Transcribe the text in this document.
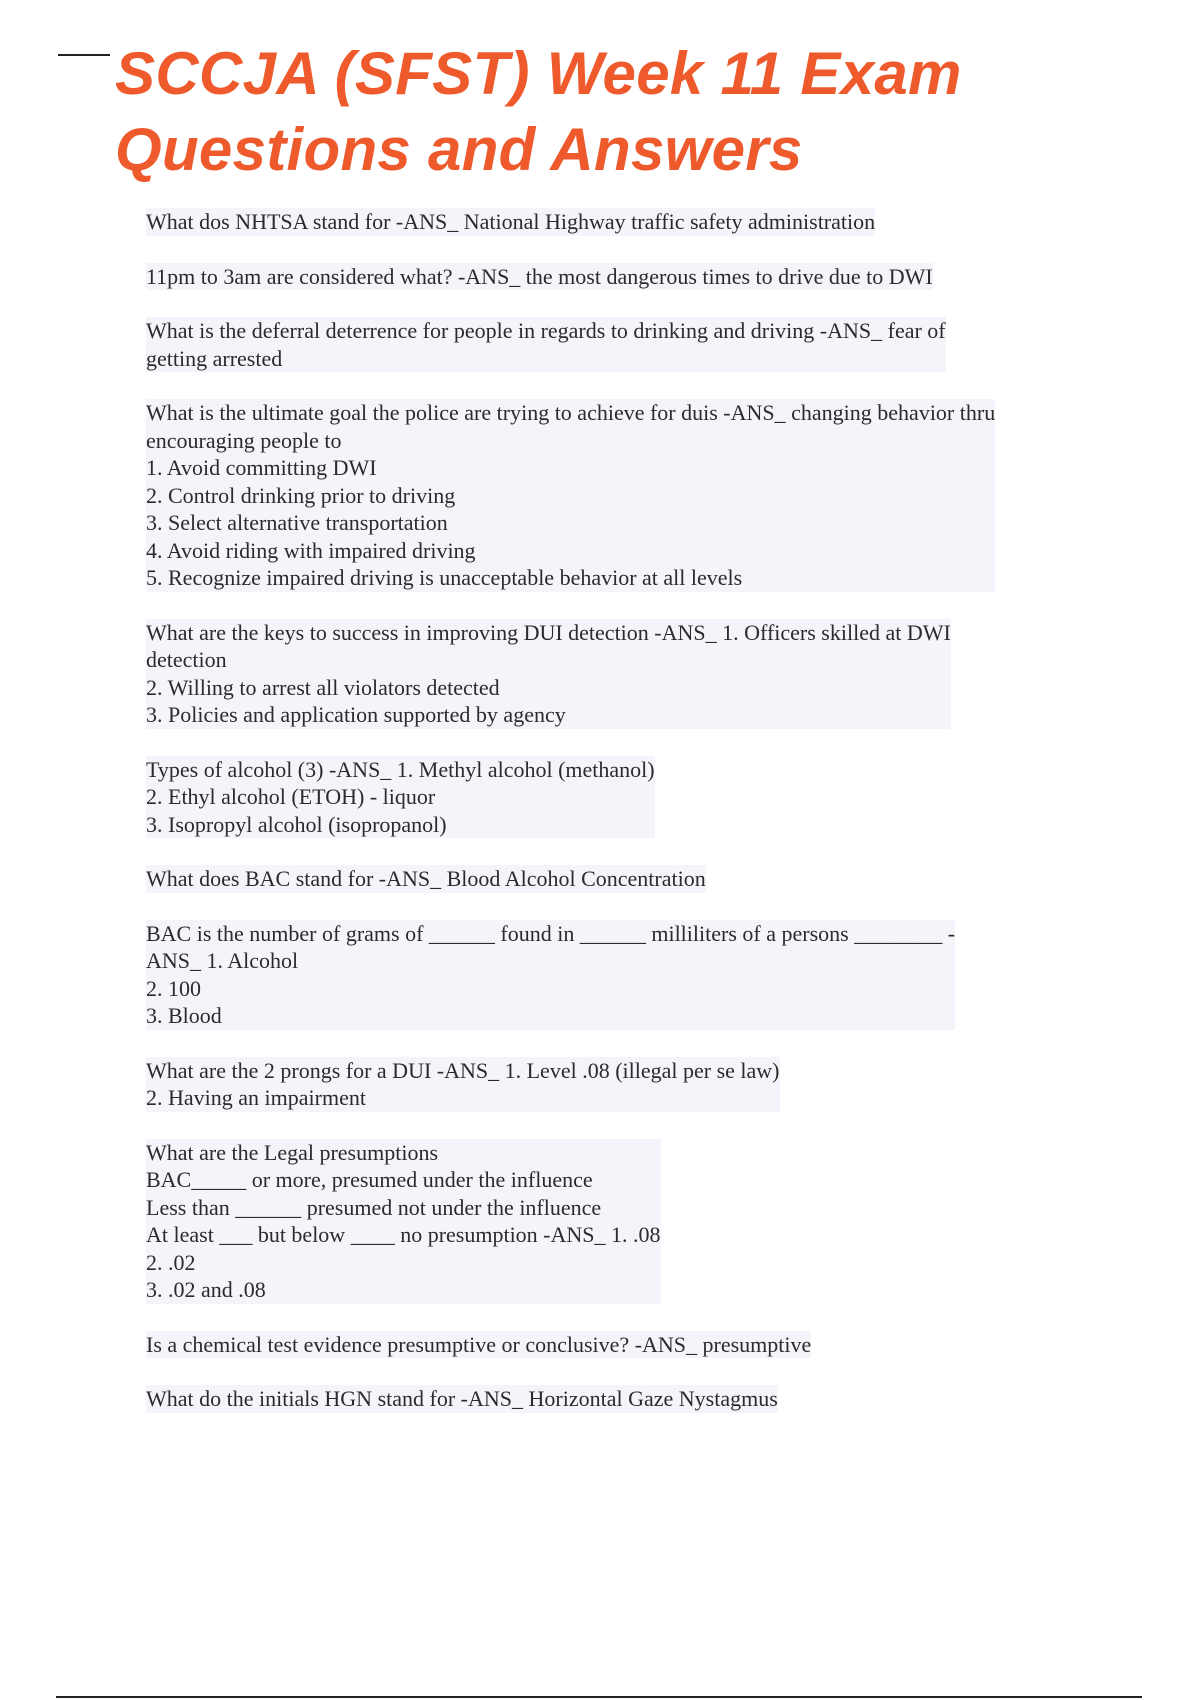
SCCJA (SFST) Week 11 Exam
Questions and Answers
What dos NHTSA stand for -ANS_ National Highway traffic safety administration
11pm to 3am are considered what? -ANS_ the most dangerous times to drive due to DWI
What is the deferral deterrence for people in regards to drinking and driving -ANS_ fear of
getting arrested
What is the ultimate goal the police are trying to achieve for duis -ANS_ changing behavior thru
encouraging people to
1. Avoid committing DWI
2. Control drinking prior to driving
3. Select alternative transportation
4. Avoid riding with impaired driving
5. Recognize impaired driving is unacceptable behavior at all levels
What are the keys to success in improving DUI detection -ANS_ 1. Officers skilled at DWI
detection
2. Willing to arrest all violators detected
3. Policies and application supported by agency
Types of alcohol (3) -ANS_ 1. Methyl alcohol (methanol)
2. Ethyl alcohol (ETOH) - liquor
3. Isopropyl alcohol (isopropanol)
What does BAC stand for -ANS_ Blood Alcohol Concentration
BAC is the number of grams of ______ found in ______ milliliters of a persons ________ -
ANS_ 1. Alcohol
2. 100
3. Blood
What are the 2 prongs for a DUI -ANS_ 1. Level .08 (illegal per se law)
2. Having an impairment
What are the Legal presumptions
BAC_____ or more, presumed under the influence
Less than ______ presumed not under the influence
At least ___ but below ____ no presumption -ANS_ 1. .08
2. .02
3. .02 and .08
Is a chemical test evidence presumptive or conclusive? -ANS_ presumptive
What do the initials HGN stand for -ANS_ Horizontal Gaze Nystagmus
